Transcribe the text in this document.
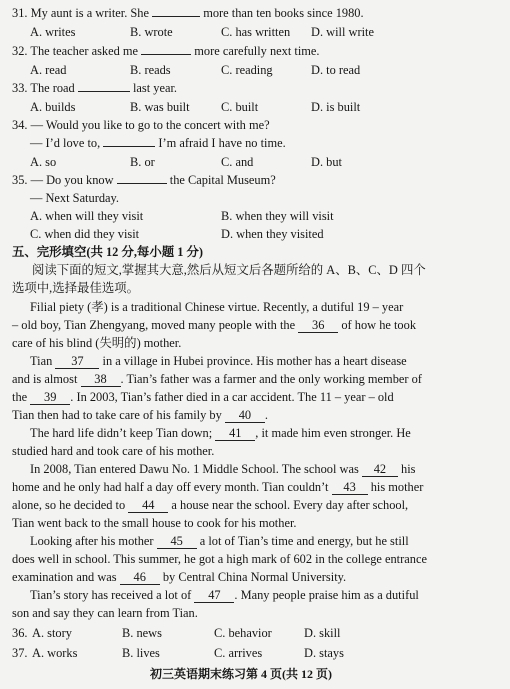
31. My aunt is a writer. She	more than ten books since 1980.
A. writes	B. wrote	C. has written D. will write
32. The teacher asked me	more carefully next time.
A. read	B. reads	C. reading	D. to read
33. The road	last year.
A. builds	B. was built	C. built	D. is built
34. — Would you like to go to the concert with me?
— I’d love to,	I’m afraid I have no time.
A. so	B. or	C. and	D. but
35. — Do you know	the Capital Museum?
— Next Saturday.
A. when will they visit	B. when they will visit
C. when did they visit	D. when they visited
五、完形填空(共 12 分,每小题 1 分)
阅读下面的短文,掌握其大意,然后从短文后各题所给的 A、B、C、D 四个
选项中,选择最佳选项。
Filial piety (孝) is a traditional Chinese virtue. Recently, a dutiful 19 – year
– old boy, Tian Zhengyang, moved many people with the 36 of how he took
care of his blind (失明的) mother.
Tian 37 in a village in Hubei province. His mother has a heart disease
and is almost 38 . Tian’s father was a farmer and the only working member of
the 39 . In 2003, Tian’s father died in a car accident. The 11 – year – old
Tian then had to take care of his family by 40 .
The hard life didn’t keep Tian down; 41 , it made him even stronger. He
studied hard and took care of his mother.
In 2008, Tian entered Dawu No. 1 Middle School. The school was 42 his
home and he only had half a day off every month. Tian couldn’t 43 his mother
alone, so he decided to 44 a house near the school. Every day after school,
Tian went back to the small house to cook for his mother.
Looking after his mother 45 a lot of Tian’s time and energy, but he still
does well in school. This summer, he got a high mark of 602 in the college entrance
examination and was 46 by Central China Normal University.
Tian’s story has received a lot of 47 . Many people praise him as a dutiful
son and say they can learn from Tian.
36. A. story	B. news	C. behavior	D. skill
37. A. works	B. lives	C. arrives	D. stays
初三英语期末练习第 4 页(共 12 页)
